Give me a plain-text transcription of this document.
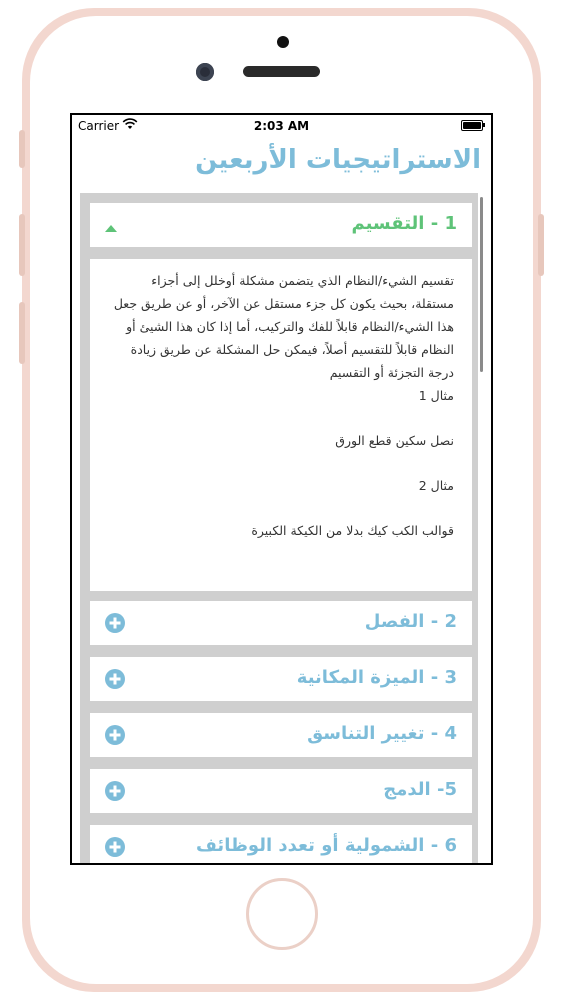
Carrier	2:03 AM
الاستراتيجيات الأربعين
1 - التقسيم

تقسيم الشيء/النظام الذي يتضمن مشكلة أوخلل إلى أجزاء مستقلة، بحيث يكون كل جزء مستقل عن الآخر، أو عن طريق جعل هذا الشيء/النظام قابلاً للفك والتركيب، أما إذا كان هذا الشيئ أو النظام قابلاً للتقسيم أصلاً، فيمكن حل المشكلة عن طريق زيادة درجة التجزئة أو التقسيم

مثال 1

نصل سكين قطع الورق

مثال 2

قوالب الكب كيك بدلا من الكيكة الكبيرة

2 - الفصل
3 - الميزة المكانية
4 - تغيير التناسق
5- الدمج
6 - الشمولية أو تعدد الوظائف
